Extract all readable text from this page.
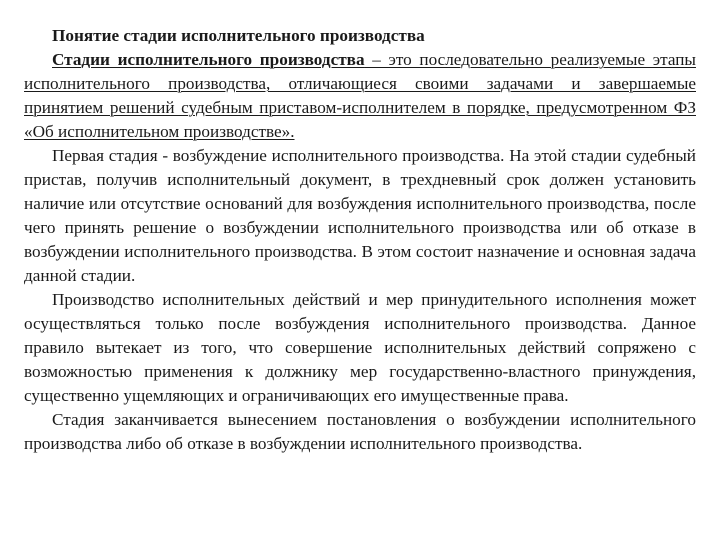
Понятие стадии исполнительного производства

Стадии исполнительного производства – это последовательно реализуемые этапы исполнительного производства, отличающиеся своими задачами и завершаемые принятием решений судебным приставом-исполнителем в порядке, предусмотренном ФЗ «Об исполнительном производстве».

Первая стадия - возбуждение исполнительного производства. На этой стадии судебный пристав, получив исполнительный документ, в трехдневный срок должен установить наличие или отсутствие оснований для возбуждения исполнительного производства, после чего принять решение о возбуждении исполнительного производства или об отказе в возбуждении исполнительного производства. В этом состоит назначение и основная задача данной стадии.

Производство исполнительных действий и мер принудительного исполнения может осуществляться только после возбуждения исполнительного производства. Данное правило вытекает из того, что совершение исполнительных действий сопряжено с возможностью применения к должнику мер государственно-властного принуждения, существенно ущемляющих и ограничивающих его имущественные права.

Стадия заканчивается вынесением постановления о возбуждении исполнительного производства либо об отказе в возбуждении исполнительного производства.
